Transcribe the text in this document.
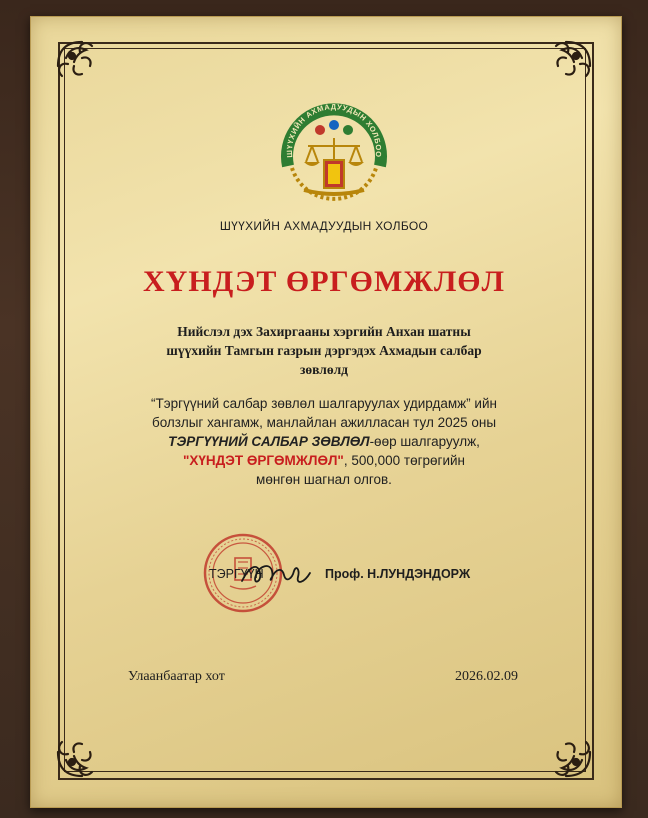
ШҮҮХИЙН АХМАДУУДЫН ХОЛБОО
ШҮҮХИЙН АХМАДУУДЫН ХОЛБОО
ХҮНДЭТ ӨРГӨМЖЛӨЛ
Нийслэл дэх Захиргааны хэргийн Анхан шатны
шүүхийн Тамгын газрын дэргэдэх Ахмадын салбар
зөвлөлд
“Тэргүүний салбар зөвлөл шалгаруулах удирдамж” ийн
болзлыг хангамж, манлайлан ажилласан тул 2025 оны
ТЭРГҮҮНИЙ САЛБАР ЗӨВЛӨЛ-өөр шалгаруулж,
"ХҮНДЭТ ӨРГӨМЖЛӨЛ", 500,000 төгрөгийн
мөнгөн шагнал олгов.
ТЭРГҮҮН	Проф. Н.ЛУНДЭНДОРЖ
Улаанбаатар хот	2026.02.09
